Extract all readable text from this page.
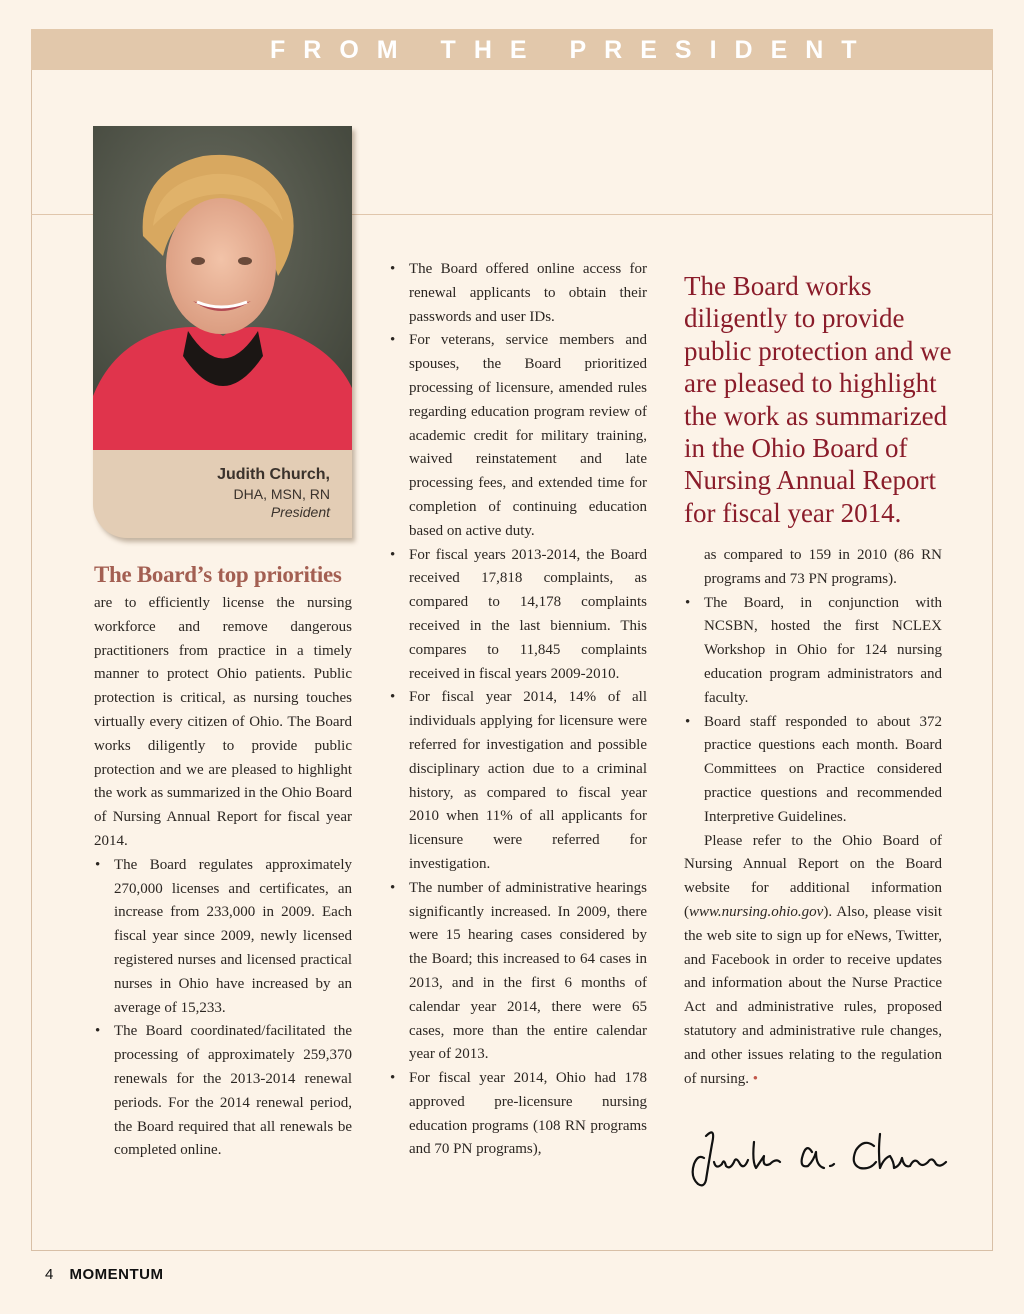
FROM THE PRESIDENT
Judith Church,
DHA, MSN, RN
President
The Board’s top priorities

are to efficiently license the nursing workforce and remove dangerous practitioners from practice in a timely manner to protect Ohio patients. Public protection is critical, as nursing touches virtually every citizen of Ohio. The Board works diligently to provide public protection and we are pleased to highlight the work as summarized in the Ohio Board of Nursing Annual Report for fiscal year 2014.

• The Board regulates approximately 270,000 licenses and certificates, an increase from 233,000 in 2009. Each fiscal year since 2009, newly licensed registered nurses and licensed practical nurses in Ohio have increased by an average of 15,233.
• The Board coordinated/facilitated the processing of approximately 259,370 renewals for the 2013-2014 renewal periods. For the 2014 renewal period, the Board required that all renewals be completed online.
• The Board offered online access for renewal applicants to obtain their passwords and user IDs.
• For veterans, service members and spouses, the Board prioritized processing of licensure, amended rules regarding education program review of academic credit for military training, waived reinstatement and late processing fees, and extended time for completion of continuing education based on active duty.
• For fiscal years 2013-2014, the Board received 17,818 complaints, as compared to 14,178 complaints received in the last biennium. This compares to 11,845 complaints received in fiscal years 2009-2010.
• For fiscal year 2014, 14% of all individuals applying for licensure were referred for investigation and possible disciplinary action due to a criminal history, as compared to fiscal year 2010 when 11% of all applicants for licensure were referred for investigation.
• The number of administrative hearings significantly increased. In 2009, there were 15 hearing cases considered by the Board; this increased to 64 cases in 2013, and in the first 6 months of calendar year 2014, there were 65 cases, more than the entire calendar year of 2013.
• For fiscal year 2014, Ohio had 178 approved pre-licensure nursing education programs (108 RN programs and 70 PN programs),
The Board works diligently to provide public protection and we are pleased to highlight the work as summarized in the Ohio Board of Nursing Annual Report for fiscal year 2014.

as compared to 159 in 2010 (86 RN programs and 73 PN programs).

• The Board, in conjunction with NCSBN, hosted the first NCLEX Workshop in Ohio for 124 nursing education program administrators and faculty.
• Board staff responded to about 372 practice questions each month. Board Committees on Practice considered practice questions and recommended Interpretive Guidelines.

Please refer to the Ohio Board of Nursing Annual Report on the Board website for additional information (www.nursing.ohio.gov). Also, please visit the web site to sign up for eNews, Twitter, and Facebook in order to receive updates and information about the Nurse Practice Act and administrative rules, proposed statutory and administrative rule changes, and other issues relating to the regulation of nursing. •

4 MOMENTUM
